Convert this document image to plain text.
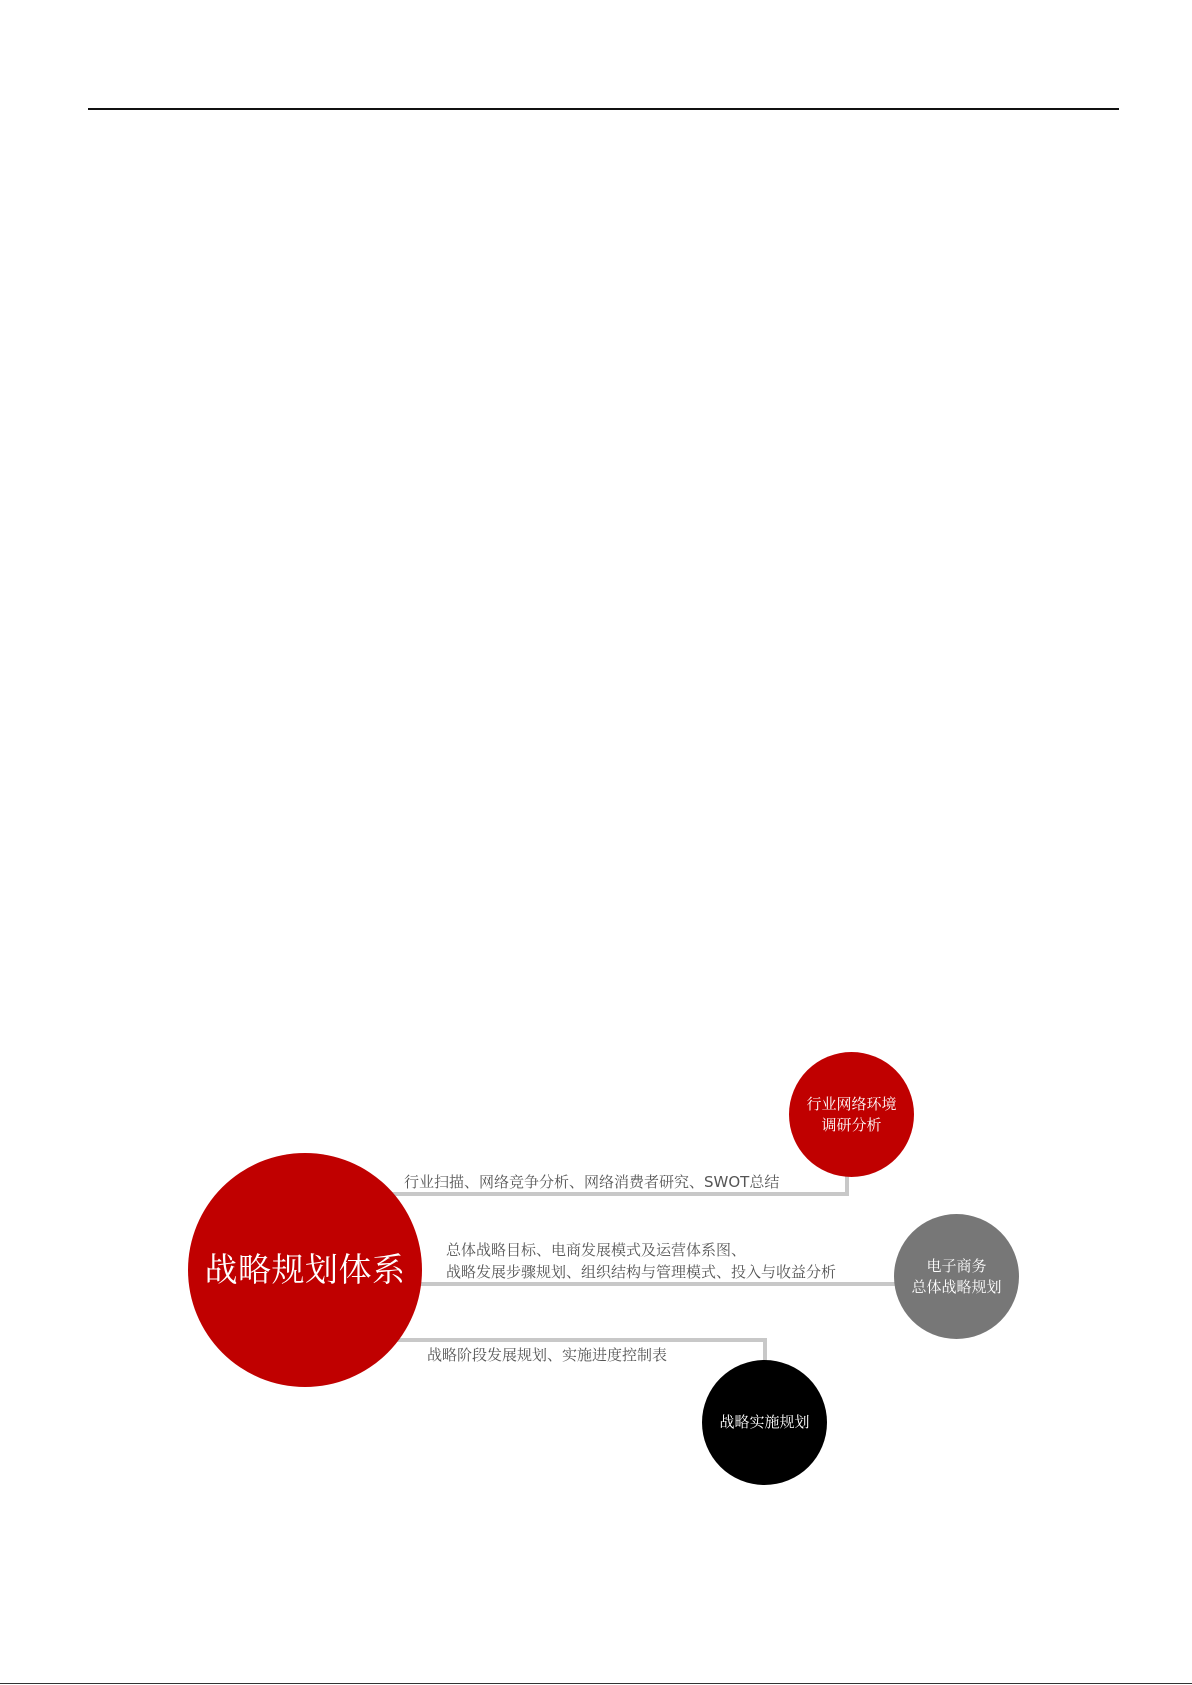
战略规划体系
行业网络环境
调研分析
电子商务
总体战略规划
战略实施规划
行业扫描、网络竞争分析、网络消费者研究、SWOT总结
总体战略目标、电商发展模式及运营体系图、
战略发展步骤规划、组织结构与管理模式、投入与收益分析
战略阶段发展规划、实施进度控制表
